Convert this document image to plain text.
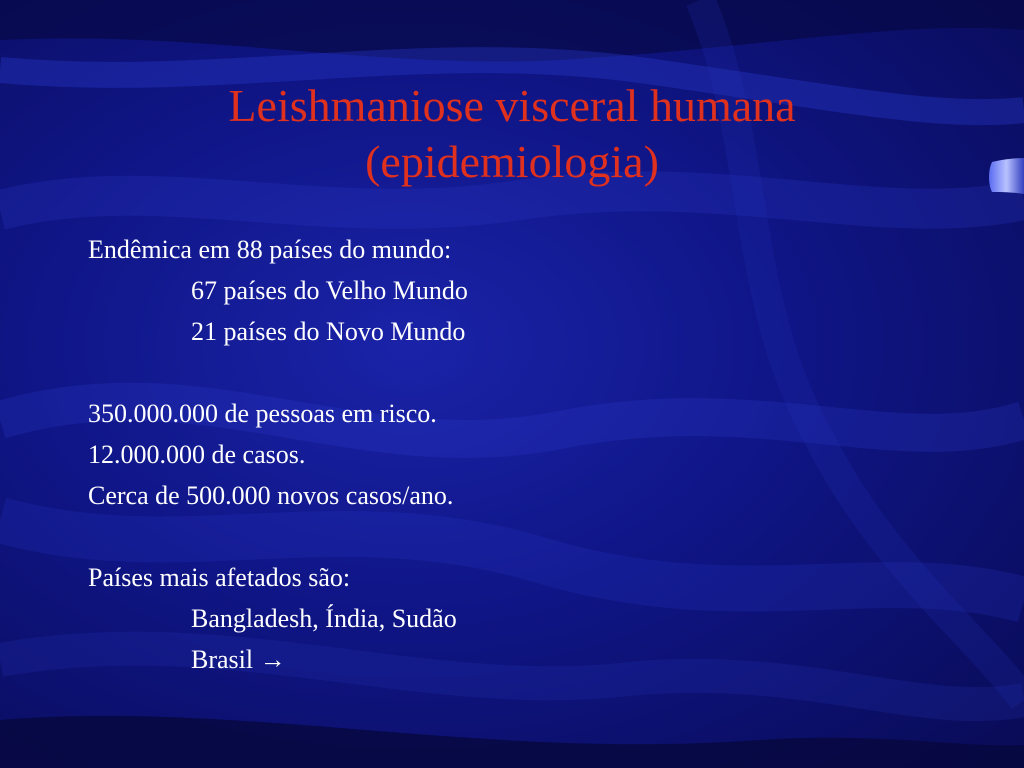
Leishmaniose visceral humana
(epidemiologia)
Endêmica em 88 países do mundo:
67 países do Velho Mundo
21 países do Novo Mundo
350.000.000 de pessoas em risco.
12.000.000 de casos.
Cerca de 500.000 novos casos/ano.
Países mais afetados são:
Bangladesh, Índia, Sudão
Brasil →
